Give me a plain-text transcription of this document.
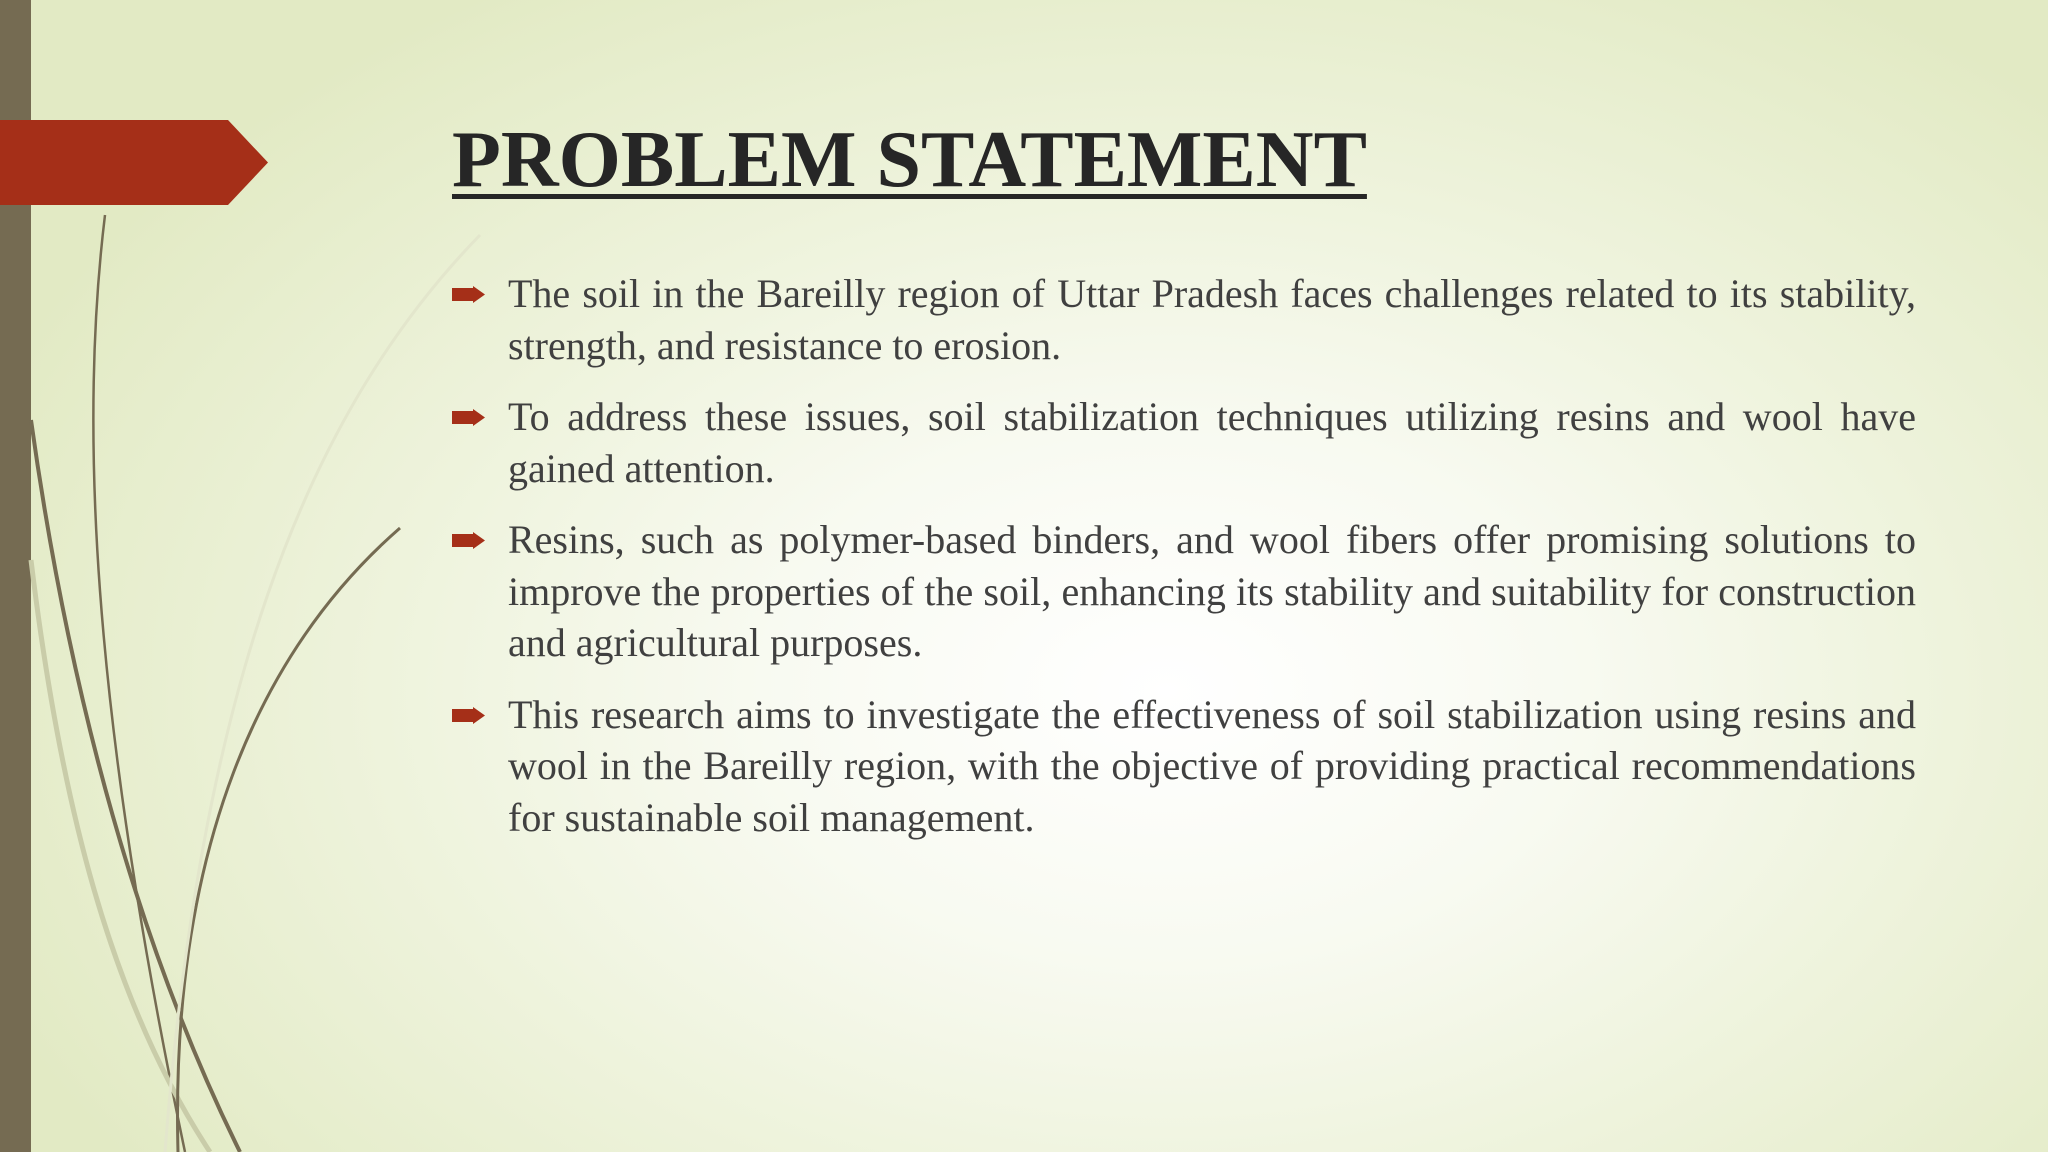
PROBLEM STATEMENT
The soil in the Bareilly region of Uttar Pradesh faces challenges related to its stability, strength, and resistance to erosion.
To address these issues, soil stabilization techniques utilizing resins and wool have gained attention.
Resins, such as polymer-based binders, and wool fibers offer promising solutions to improve the properties of the soil, enhancing its stability and suitability for construction and agricultural purposes.
This research aims to investigate the effectiveness of soil stabilization using resins and wool in the Bareilly region, with the objective of providing practical recommendations for sustainable soil management.
